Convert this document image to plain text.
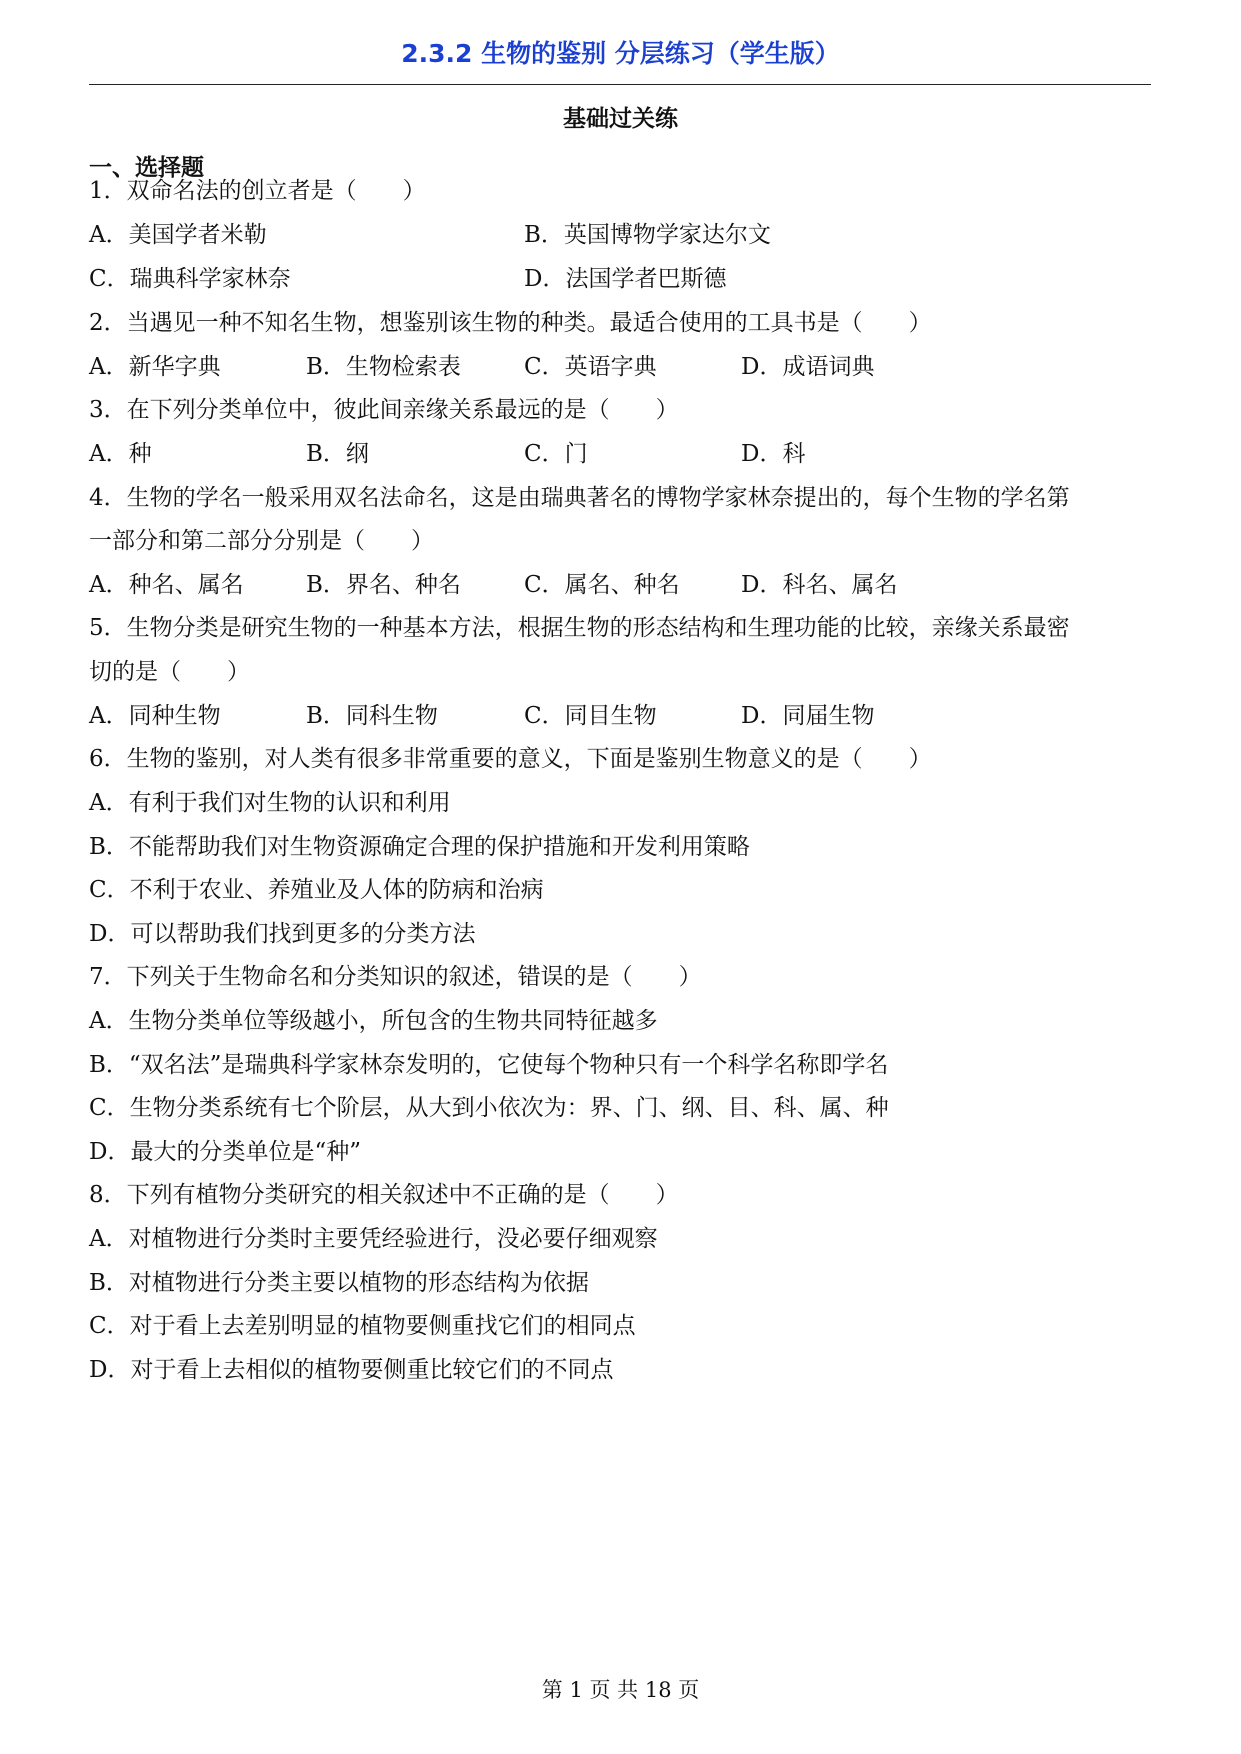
2.3.2 生物的鉴别 分层练习（学生版）
基础过关练
一、选择题
1．双命名法的创立者是（　　）
A．美国学者米勒	B．英国博物学家达尔文
C．瑞典科学家林奈	D．法国学者巴斯德
2．当遇见一种不知名生物，想鉴别该生物的种类。最适合使用的工具书是（　　）
A．新华字典	B．生物检索表	C．英语字典	D．成语词典
3．在下列分类单位中，彼此间亲缘关系最远的是（　　）
A．种	B．纲	C．门	D．科
4．生物的学名一般采用双名法命名，这是由瑞典著名的博物学家林奈提出的，每个生物的学名第
一部分和第二部分分别是（　　）
A．种名、属名	B．界名、种名	C．属名、种名	D．科名、属名
5．生物分类是研究生物的一种基本方法，根据生物的形态结构和生理功能的比较，亲缘关系最密
切的是（　　）
A．同种生物	B．同科生物	C．同目生物	D．同届生物
6．生物的鉴别，对人类有很多非常重要的意义，下面是鉴别生物意义的是（　　）
A．有利于我们对生物的认识和利用
B．不能帮助我们对生物资源确定合理的保护措施和开发利用策略
C．不利于农业、养殖业及人体的防病和治病
D．可以帮助我们找到更多的分类方法
7．下列关于生物命名和分类知识的叙述，错误的是（　　）
A．生物分类单位等级越小，所包含的生物共同特征越多
B．“双名法”是瑞典科学家林奈发明的，它使每个物种只有一个科学名称即学名
C．生物分类系统有七个阶层，从大到小依次为：界、门、纲、目、科、属、种
D．最大的分类单位是“种”
8．下列有植物分类研究的相关叙述中不正确的是（　　）
A．对植物进行分类时主要凭经验进行，没必要仔细观察
B．对植物进行分类主要以植物的形态结构为依据
C．对于看上去差别明显的植物要侧重找它们的相同点
D．对于看上去相似的植物要侧重比较它们的不同点
第 1 页 共 18 页
